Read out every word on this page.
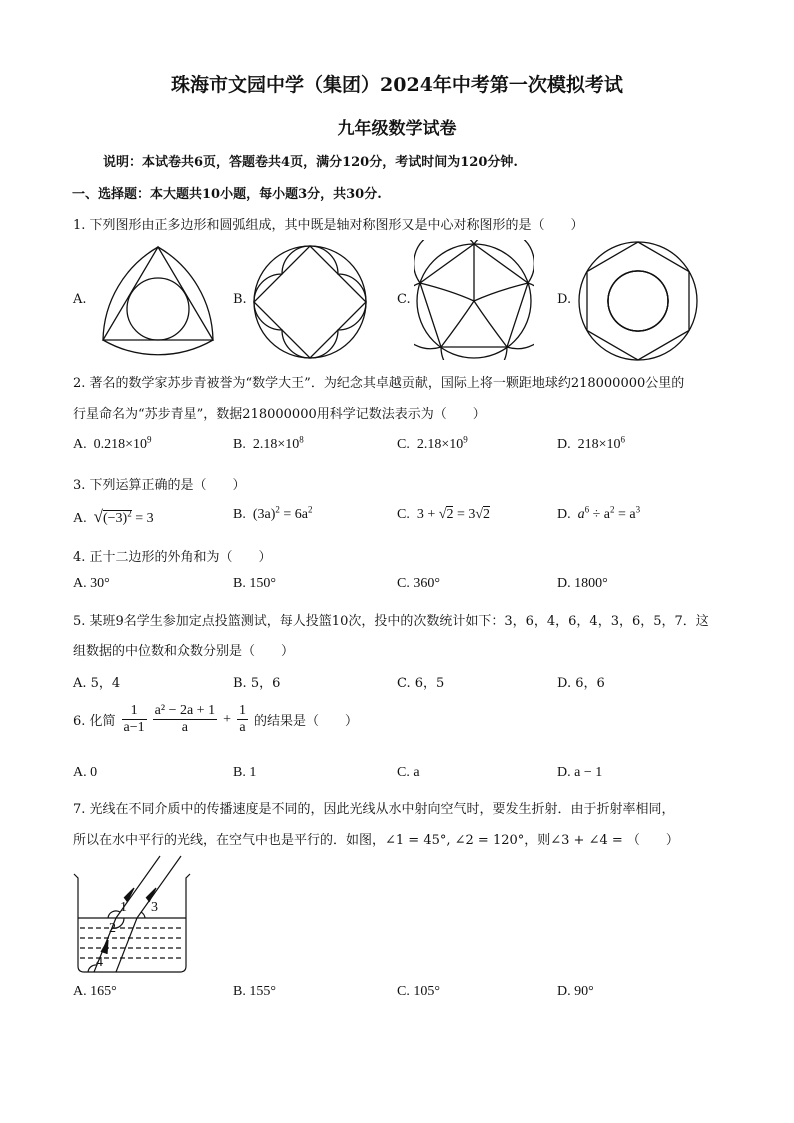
珠海市文园中学（集团）2024年中考第一次模拟考试
九年级数学试卷
说明：本试卷共6页，答题卷共4页，满分120分，考试时间为120分钟.
一、选择题：本大题共10小题，每小题3分，共30分.
1. 下列图形由正多边形和圆弧组成，其中既是轴对称图形又是中心对称图形的是（　　）
A.	B.	C.	D.
2. 著名的数学家苏步青被誉为“数学大王”．为纪念其卓越贡献，国际上将一颗距地球约218000000公里的
行星命名为“苏步青星”，数据218000000用科学记数法表示为（　　）
A. $0.218\times 10^9$	B. $2.18\times 10^8$	C. $2.18\times 10^9$	D. $218\times 10^6$
3. 下列运算正确的是（　　）
A. $√(-3)^2 = 3$	B. $(3a)^2 = 6a^2$	C. 3 + √2 = 3√2	D. $a^6 \div a^2 = a^3$
4. 正十二边形的外角和为（　　）
A. 30°	B. 150°	C. 360°	D. 1800°
5. 某班9名学生参加定点投篮测试，每人投篮10次，投中的次数统计如下：3，6，4，6，4，3，6，5，7．这
组数据的中位数和众数分别是（　　）
A. 5，4	B. 5，6	C. 6，5	D. 6，6
6. 化简 $\frac{1}{a-1} \frac{\text{a² − 2a + 1}}{a} + \frac{1}{a}$ 的结果是（　　）
A. 0	B. 1	C. a	D. a − 1
7. 光线在不同介质中的传播速度是不同的，因此光线从水中射向空气时，要发生折射．由于折射率相同，
所以在水中平行的光线，在空气中也是平行的．如图，∠1 = 45°, ∠2 = 120°，则∠3 + ∠4 = （　　）
1
2
3
4
A. 165°	B. 155°	C. 105°	D. 90°
